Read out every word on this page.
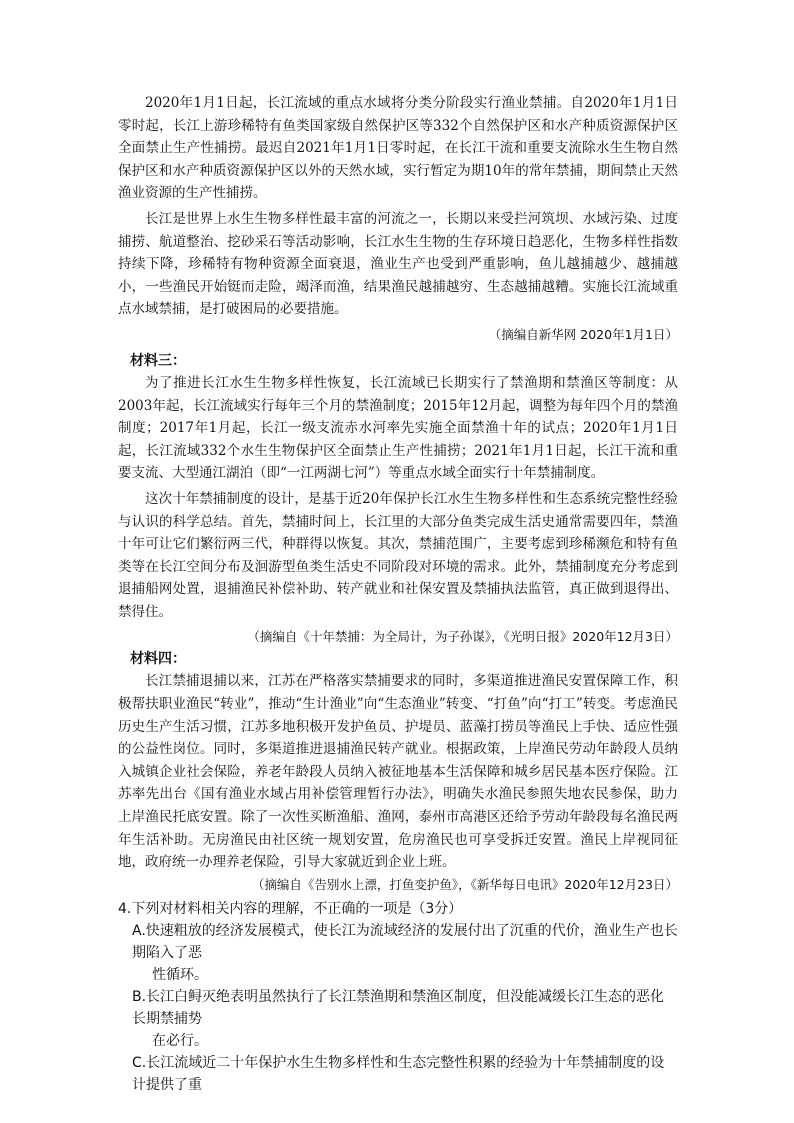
2020年1月1日起，长江流域的重点水域将分类分阶段实行渔业禁捕。自2020年1月1日零时起，长江上游珍稀特有鱼类国家级自然保护区等332个自然保护区和水产种质资源保护区全面禁止生产性捕捞。最迟自2021年1月1日零时起，在长江干流和重要支流除水生生物自然保护区和水产种质资源保护区以外的天然水域，实行暂定为期10年的常年禁捕，期间禁止天然渔业资源的生产性捕捞。

长江是世界上水生生物多样性最丰富的河流之一，长期以来受拦河筑坝、水域污染、过度捕捞、航道整治、挖砂采石等活动影响，长江水生生物的生存环境日趋恶化，生物多样性指数持续下降，珍稀特有物种资源全面衰退，渔业生产也受到严重影响，鱼儿越捕越少、越捕越小，一些渔民开始铤而走险，竭泽而渔，结果渔民越捕越穷、生态越捕越糟。实施长江流域重点水域禁捕，是打破困局的必要措施。

（摘编自新华网 2020年1月1日）

材料三：

为了推进长江水生生物多样性恢复，长江流域已长期实行了禁渔期和禁渔区等制度：从2003年起，长江流域实行每年三个月的禁渔制度；2015年12月起，调整为每年四个月的禁渔制度；2017年1月起，长江一级支流赤水河率先实施全面禁渔十年的试点；2020年1月1日起，长江流域332个水生生物保护区全面禁止生产性捕捞；2021年1月1日起，长江干流和重要支流、大型通江湖泊（即“一江两湖七河”）等重点水域全面实行十年禁捕制度。

这次十年禁捕制度的设计，是基于近20年保护长江水生生物多样性和生态系统完整性经验与认识的科学总结。首先，禁捕时间上，长江里的大部分鱼类完成生活史通常需要四年，禁渔十年可让它们繁衍两三代，种群得以恢复。其次，禁捕范围广，主要考虑到珍稀濒危和特有鱼类等在长江空间分布及洄游型鱼类生活史不同阶段对环境的需求。此外，禁捕制度充分考虑到退捕船网处置，退捕渔民补偿补助、转产就业和社保安置及禁捕执法监管，真正做到退得出、禁得住。

（摘编自《十年禁捕：为全局计，为子孙谋》，《光明日报》2020年12月3日）

材料四：

长江禁捕退捕以来，江苏在严格落实禁捕要求的同时，多渠道推进渔民安置保障工作，积极帮扶职业渔民“转业”，推动“生计渔业”向“生态渔业”转变、“打鱼”向“打工”转变。考虑渔民历史生产生活习惯，江苏多地积极开发护鱼员、护堤员、蓝藻打捞员等渔民上手快、适应性强的公益性岗位。同时，多渠道推进退捕渔民转产就业。根据政策，上岸渔民劳动年龄段人员纳入城镇企业社会保险，养老年龄段人员纳入被征地基本生活保障和城乡居民基本医疗保险。江苏率先出台《国有渔业水域占用补偿管理暂行办法》，明确失水渔民参照失地农民参保，助力上岸渔民托底安置。除了一次性买断渔船、渔网，泰州市高港区还给予劳动年龄段每名渔民两年生活补助。无房渔民由社区统一规划安置，危房渔民也可享受拆迁安置。渔民上岸视同征地，政府统一办理养老保险，引导大家就近到企业上班。

（摘编自《告别水上漂，打鱼变护鱼》，《新华每日电讯》2020年12月23日）

4.下列对材料相关内容的理解，不正确的一项是（3分）
A.快速粗放的经济发展模式，使长江为流域经济的发展付出了沉重的代价，渔业生产也长期陷入了恶
性循环。
B.长江白鲟灭绝表明虽然执行了长江禁渔期和禁渔区制度，但没能减缓长江生态的恶化长期禁捕势
在必行。
C.长江流域近二十年保护水生生物多样性和生态完整性积累的经验为十年禁捕制度的设计提供了重
